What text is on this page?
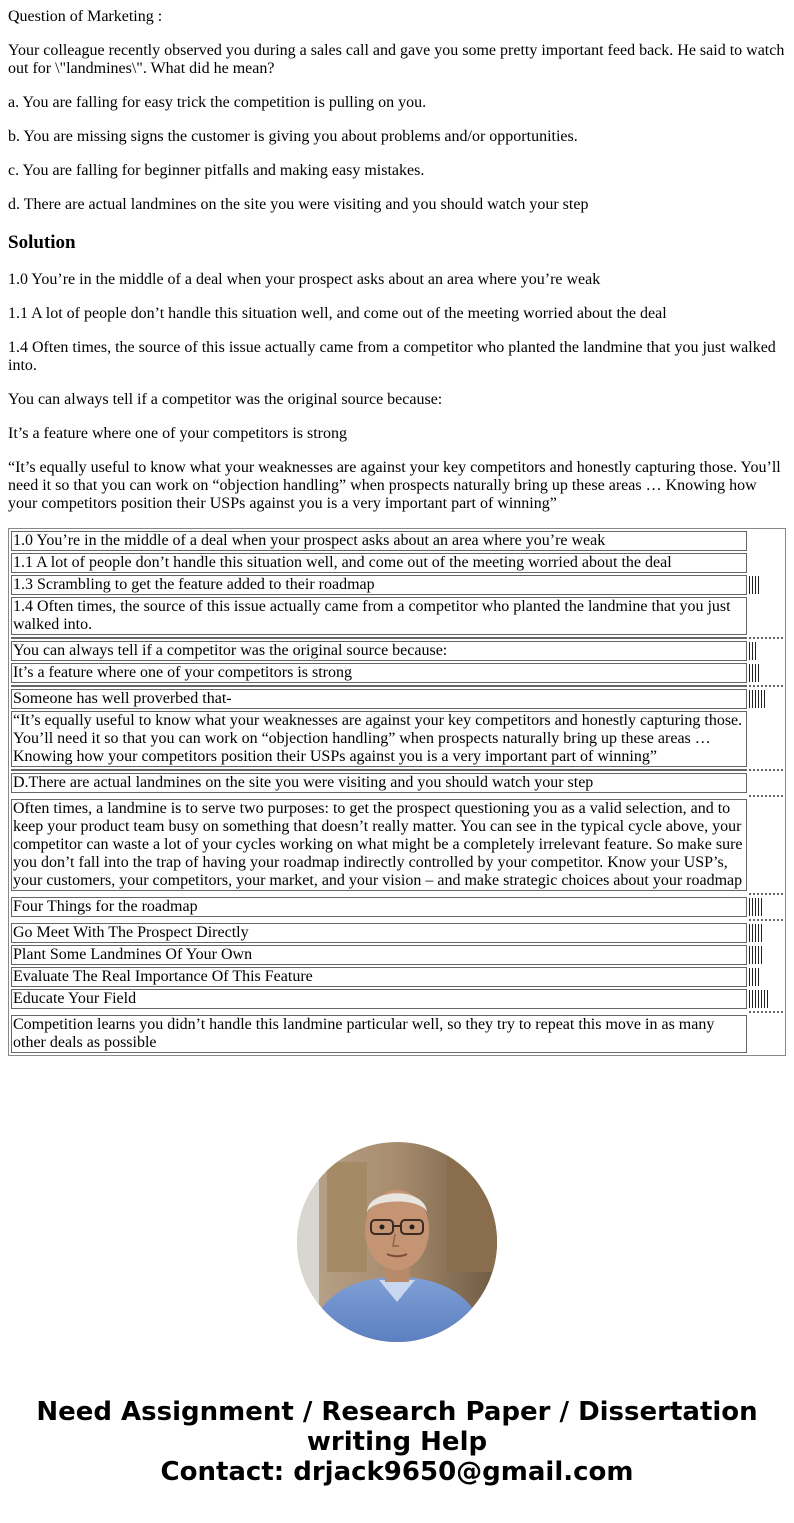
Question of Marketing :

Your colleague recently observed you during a sales call and gave you some pretty important feed back. He said to watch out for \"landmines\". What did he mean?

a. You are falling for easy trick the competition is pulling on you.

b. You are missing signs the customer is giving you about problems and/or opportunities.

c. You are falling for beginner pitfalls and making easy mistakes.

d. There are actual landmines on the site you were visiting and you should watch your step

Solution

1.0 You’re in the middle of a deal when your prospect asks about an area where you’re weak

1.1 A lot of people don’t handle this situation well, and come out of the meeting worried about the deal

1.4 Often times, the source of this issue actually came from a competitor who planted the landmine that you just walked into.

You can always tell if a competitor was the original source because:

It’s a feature where one of your competitors is strong

“It’s equally useful to know what your weaknesses are against your key competitors and honestly capturing those. You’ll need it so that you can work on “objection handling” when prospects naturally bring up these areas … Knowing how your competitors position their USPs against you is a very important part of winning”

1.0 You’re in the middle of a deal when your prospect asks about an area where you’re weak	
1.1 A lot of people don’t handle this situation well, and come out of the meeting worried about the deal	
1.3 Scrambling to get the feature added to their roadmap	
1.4 Often times, the source of this issue actually came from a competitor who planted the landmine that you just walked into.	

You can always tell if a competitor was the original source because:	
It’s a feature where one of your competitors is strong	

Someone has well proverbed that-	
“It’s equally useful to know what your weaknesses are against your key competitors and honestly capturing those. You’ll need it so that you can work on “objection handling” when prospects naturally bring up these areas … Knowing how your competitors position their USPs against you is a very important part of winning”	

D.There are actual landmines on the site you were visiting and you should watch your step	

Often times, a landmine is to serve two purposes: to get the prospect questioning you as a valid selection, and to keep your product team busy on something that doesn’t really matter. You can see in the typical cycle above, your competitor can waste a lot of your cycles working on what might be a completely irrelevant feature. So make sure you don’t fall into the trap of having your roadmap indirectly controlled by your competitor. Know your USP’s, your customers, your competitors, your market, and your vision – and make strategic choices about your roadmap	

Four Things for the roadmap	

Go Meet With The Prospect Directly	
Plant Some Landmines Of Your Own	
Evaluate The Real Importance Of This Feature	
Educate Your Field	

Competition learns you didn’t handle this landmine particular well, so they try to repeat this move in as many other deals as possible	
Need Assignment / Research Paper / Dissertation writing Help
Contact: drjack9650@gmail.com
